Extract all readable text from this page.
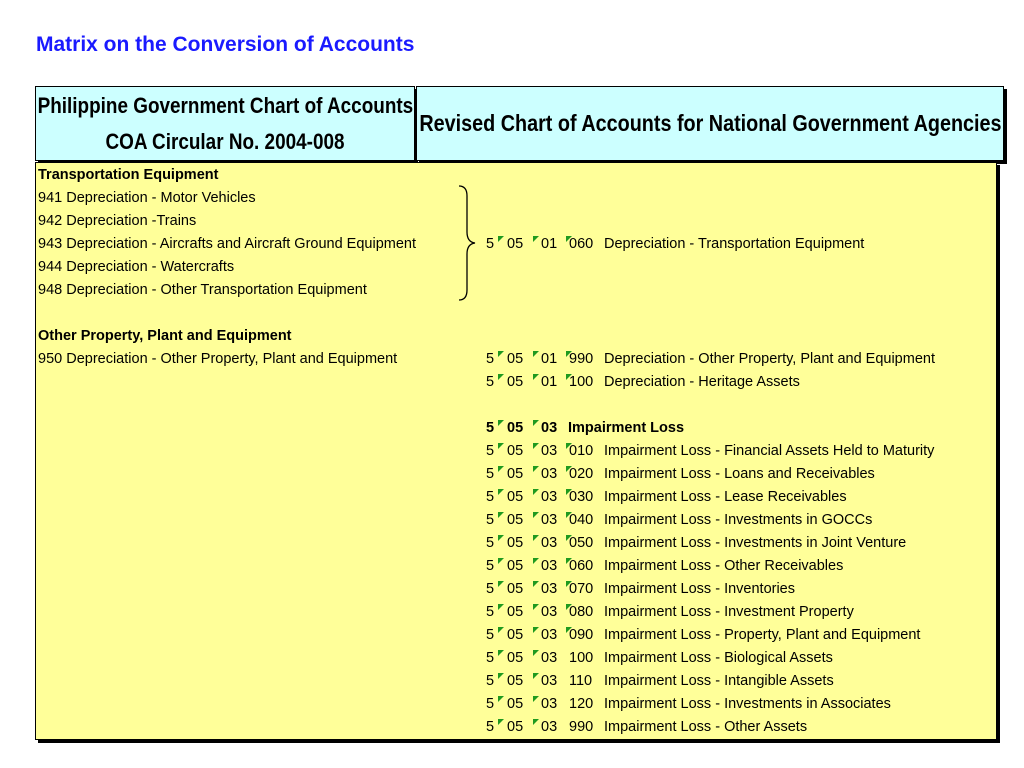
Matrix on the Conversion of Accounts
Philippine Government Chart of Accounts
COA Circular No. 2004-008
Revised Chart of Accounts for National Government Agencies
Transportation Equipment
941 Depreciation - Motor Vehicles
942 Depreciation -Trains
943 Depreciation - Aircrafts and Aircraft Ground Equipment
944 Depreciation - Watercrafts
948 Depreciation - Other Transportation Equipment
Other Property, Plant and Equipment
950 Depreciation - Other Property, Plant and Equipment
5 05 01 060 Depreciation - Transportation Equipment
5 05 01 990 Depreciation - Other Property, Plant and Equipment
5 05 01 100 Depreciation - Heritage Assets
5 05 03 Impairment Loss
5 05 03 010 Impairment Loss - Financial Assets Held to Maturity
5 05 03 020 Impairment Loss - Loans and Receivables
5 05 03 030 Impairment Loss - Lease Receivables
5 05 03 040 Impairment Loss - Investments in GOCCs
5 05 03 050 Impairment Loss - Investments in Joint Venture
5 05 03 060 Impairment Loss - Other Receivables
5 05 03 070 Impairment Loss - Inventories
5 05 03 080 Impairment Loss - Investment Property
5 05 03 090 Impairment Loss - Property, Plant and Equipment
5 05 03 100 Impairment Loss - Biological Assets
5 05 03 110 Impairment Loss - Intangible Assets
5 05 03 120 Impairment Loss - Investments in Associates
5 05 03 990 Impairment Loss - Other Assets
